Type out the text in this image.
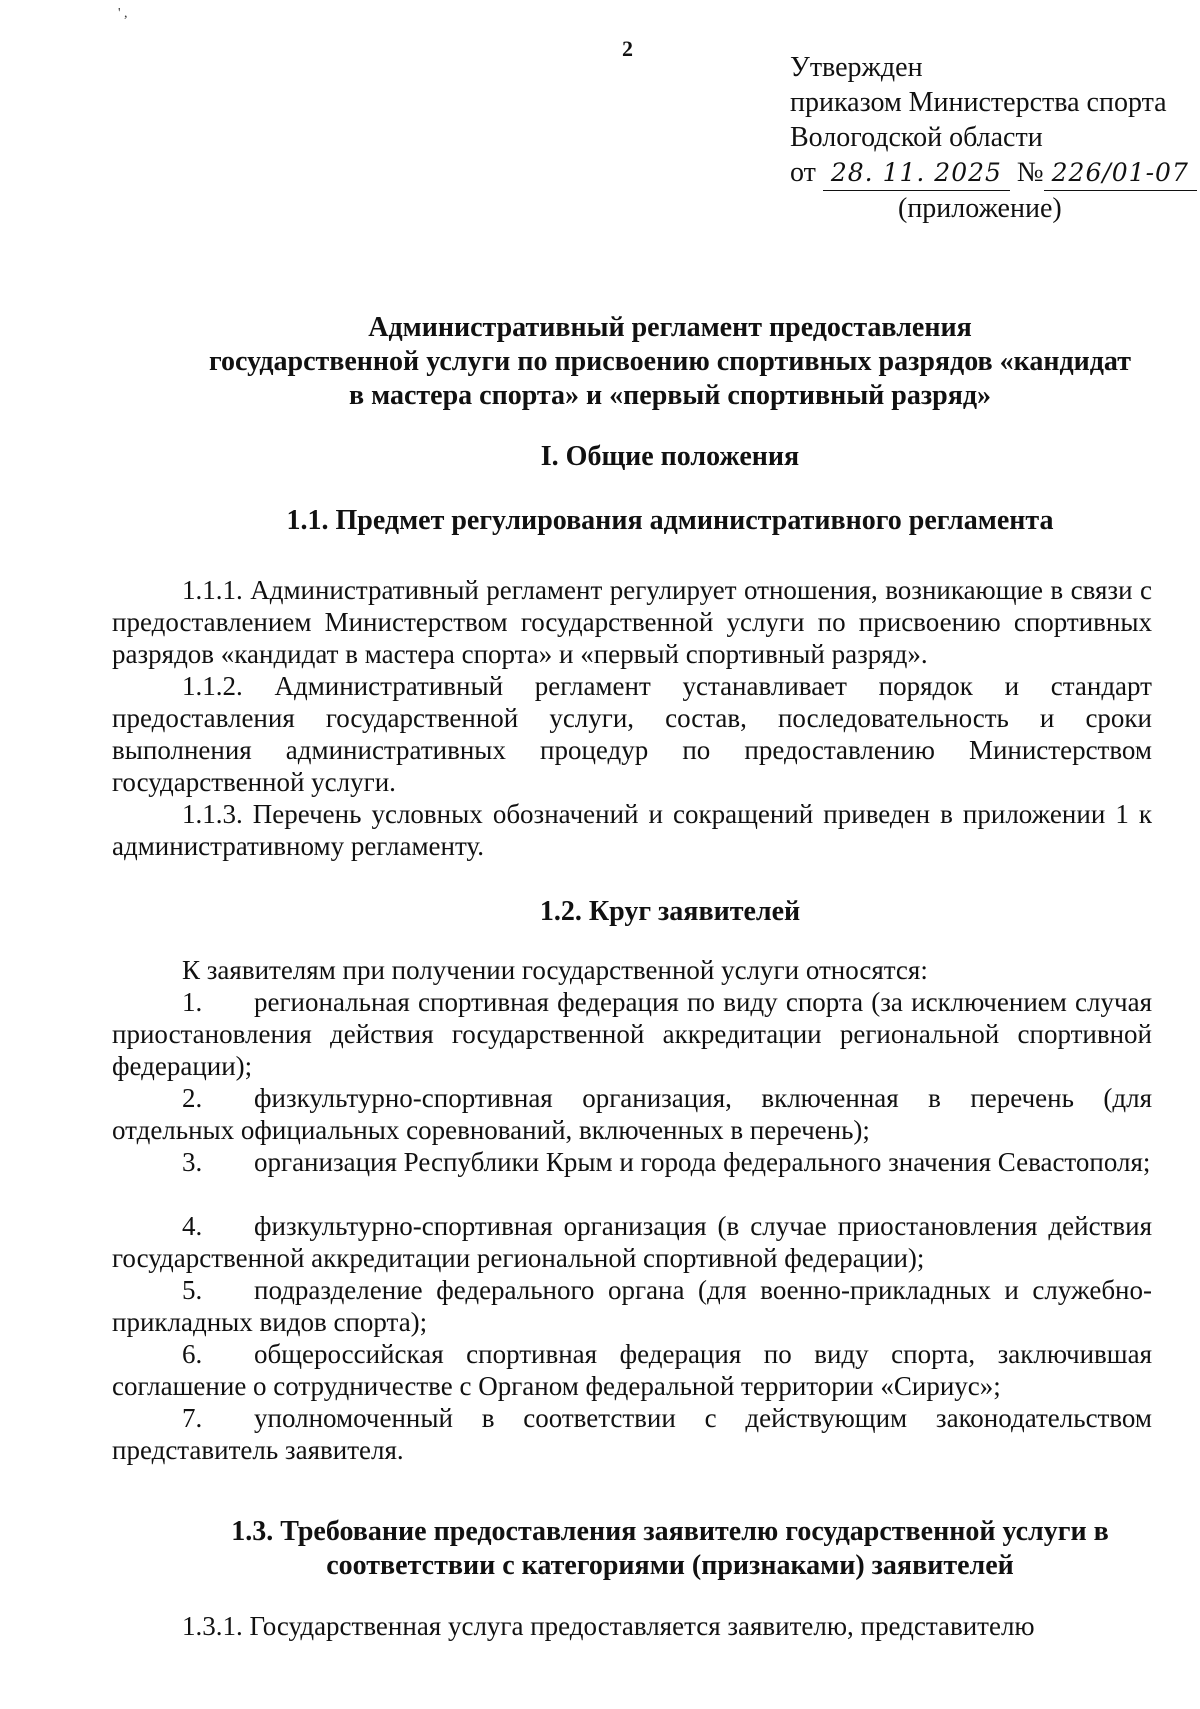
' ,
2
Утвержден
приказом Министерства спорта
Вологодской области
от 28. 11. 2025 № 226/01-07
(приложение)
Административный регламент предоставления
государственной услуги по присвоению спортивных разрядов «кандидат
в мастера спорта» и «первый спортивный разряд»
I. Общие положения
1.1. Предмет регулирования административного регламента
1.1.1. Административный регламент регулирует отношения, возникающие в связи с предоставлением Министерством государственной услуги по присвоению спортивных разрядов «кандидат в мастера спорта» и «первый спортивный разряд».
1.1.2. Административный регламент устанавливает порядок и стандарт предоставления государственной услуги, состав, последовательность и сроки выполнения административных процедур по предоставлению Министерством государственной услуги.
1.1.3. Перечень условных обозначений и сокращений приведен в приложении 1 к административному регламенту.
1.2. Круг заявителей
К заявителям при получении государственной услуги относятся:
1. региональная спортивная федерация по виду спорта (за исключением случая приостановления действия государственной аккредитации региональной спортивной федерации);
2. физкультурно-спортивная организация, включенная в перечень (для отдельных официальных соревнований, включенных в перечень);
3. организация Республики Крым и города федерального значения Севастополя;
4. физкультурно-спортивная организация (в случае приостановления действия государственной аккредитации региональной спортивной федерации);
5. подразделение федерального органа (для военно-прикладных и служебно-прикладных видов спорта);
6. общероссийская спортивная федерация по виду спорта, заключившая соглашение о сотрудничестве с Органом федеральной территории «Сириус»;
7. уполномоченный в соответствии с действующим законодательством представитель заявителя.
1.3. Требование предоставления заявителю государственной услуги в
соответствии с категориями (признаками) заявителей
1.3.1. Государственная услуга предоставляется заявителю, представителю
